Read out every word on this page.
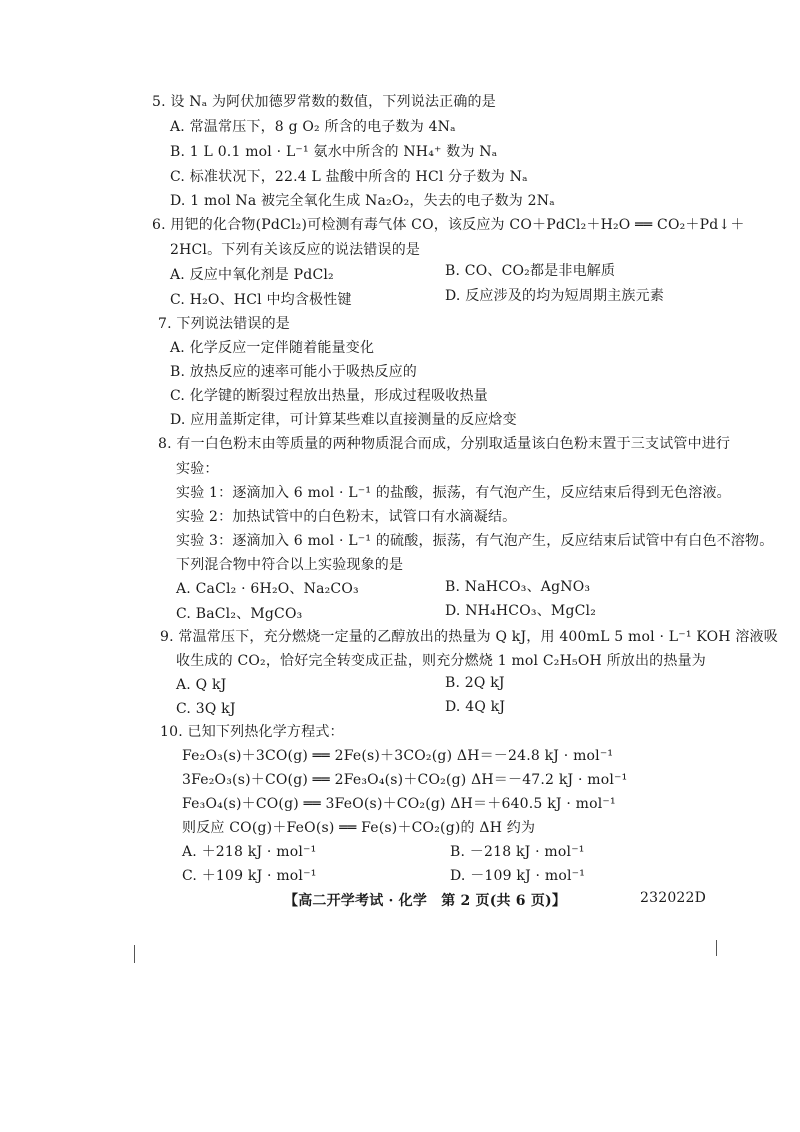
5. 设 Nₐ 为阿伏加德罗常数的数值，下列说法正确的是
A. 常温常压下，8 g O₂ 所含的电子数为 4Nₐ
B. 1 L 0.1 mol · L⁻¹ 氨水中所含的 NH₄⁺ 数为 Nₐ
C. 标准状况下，22.4 L 盐酸中所含的 HCl 分子数为 Nₐ
D. 1 mol Na 被完全氧化生成 Na₂O₂，失去的电子数为 2Nₐ
6. 用钯的化合物(PdCl₂)可检测有毒气体 CO，该反应为 CO＋PdCl₂＋H₂O ══ CO₂＋Pd↓＋
2HCl。下列有关该反应的说法错误的是
A. 反应中氧化剂是 PdCl₂	B. CO、CO₂都是非电解质
C. H₂O、HCl 中均含极性键	D. 反应涉及的均为短周期主族元素
7. 下列说法错误的是
A. 化学反应一定伴随着能量变化
B. 放热反应的速率可能小于吸热反应的
C. 化学键的断裂过程放出热量，形成过程吸收热量
D. 应用盖斯定律，可计算某些难以直接测量的反应焓变
8. 有一白色粉末由等质量的两种物质混合而成，分别取适量该白色粉末置于三支试管中进行
实验：
实验 1：逐滴加入 6 mol · L⁻¹ 的盐酸，振荡，有气泡产生，反应结束后得到无色溶液。
实验 2：加热试管中的白色粉末，试管口有水滴凝结。
实验 3：逐滴加入 6 mol · L⁻¹ 的硫酸，振荡，有气泡产生，反应结束后试管中有白色不溶物。
下列混合物中符合以上实验现象的是
A. CaCl₂ · 6H₂O、Na₂CO₃	B. NaHCO₃、AgNO₃
C. BaCl₂、MgCO₃	D. NH₄HCO₃、MgCl₂
9. 常温常压下，充分燃烧一定量的乙醇放出的热量为 Q kJ，用 400mL 5 mol · L⁻¹ KOH 溶液吸
收生成的 CO₂，恰好完全转变成正盐，则充分燃烧 1 mol C₂H₅OH 所放出的热量为
A. Q kJ	B. 2Q kJ
C. 3Q kJ	D. 4Q kJ
10. 已知下列热化学方程式：
Fe₂O₃(s)＋3CO(g) ══ 2Fe(s)＋3CO₂(g) ΔH＝－24.8 kJ · mol⁻¹
3Fe₂O₃(s)＋CO(g) ══ 2Fe₃O₄(s)＋CO₂(g) ΔH＝－47.2 kJ · mol⁻¹
Fe₃O₄(s)＋CO(g) ══ 3FeO(s)＋CO₂(g) ΔH＝＋640.5 kJ · mol⁻¹
则反应 CO(g)＋FeO(s) ══ Fe(s)＋CO₂(g)的 ΔH 约为
A. ＋218 kJ · mol⁻¹	B. －218 kJ · mol⁻¹
C. ＋109 kJ · mol⁻¹	D. －109 kJ · mol⁻¹
【高二开学考试 · 化学　第 2 页(共 6 页)】	232022D
